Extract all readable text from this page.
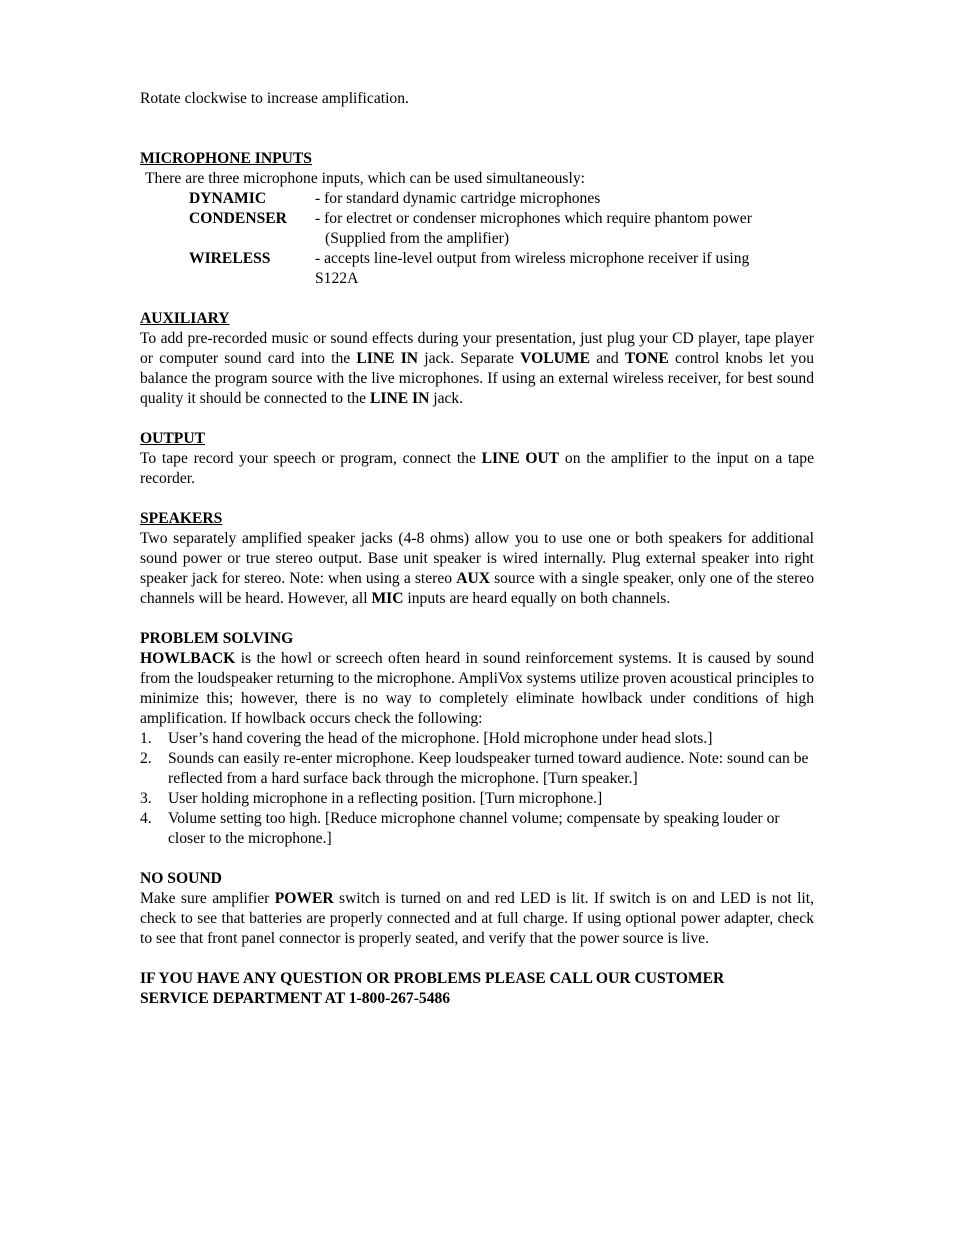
Rotate clockwise to increase amplification.

MICROPHONE INPUTS

There are three microphone inputs, which can be used simultaneously:

DYNAMIC	- for standard dynamic cartridge microphones
CONDENSER	- for electret or condenser microphones which require phantom power
(Supplied from the amplifier)
WIRELESS	- accepts line-level output from wireless microphone receiver if using
S122A

AUXILIARY

To add pre-recorded music or sound effects during your presentation, just plug your CD player, tape player or computer sound card into the LINE IN jack. Separate VOLUME and TONE control knobs let you balance the program source with the live microphones. If using an external wireless receiver, for best sound quality it should be connected to the LINE IN jack.

OUTPUT

To tape record your speech or program, connect the LINE OUT on the amplifier to the input on a tape recorder.

SPEAKERS

Two separately amplified speaker jacks (4-8 ohms) allow you to use one or both speakers for additional sound power or true stereo output. Base unit speaker is wired internally. Plug external speaker into right speaker jack for stereo. Note: when using a stereo AUX source with a single speaker, only one of the stereo channels will be heard. However, all MIC inputs are heard equally on both channels.

PROBLEM SOLVING

HOWLBACK is the howl or screech often heard in sound reinforcement systems. It is caused by sound from the loudspeaker returning to the microphone. AmpliVox systems utilize proven acoustical principles to minimize this; however, there is no way to completely eliminate howlback under conditions of high amplification. If howlback occurs check the following:

1.	User’s hand covering the head of the microphone. [Hold microphone under head slots.]
2.	Sounds can easily re-enter microphone. Keep loudspeaker turned toward audience. Note: sound can be reflected from a hard surface back through the microphone. [Turn speaker.]
3.	User holding microphone in a reflecting position. [Turn microphone.]
4.	Volume setting too high. [Reduce microphone channel volume; compensate by speaking louder or closer to the microphone.]

NO SOUND

Make sure amplifier POWER switch is turned on and red LED is lit. If switch is on and LED is not lit, check to see that batteries are properly connected and at full charge. If using optional power adapter, check to see that front panel connector is properly seated, and verify that the power source is live.

IF YOU HAVE ANY QUESTION OR PROBLEMS PLEASE CALL OUR CUSTOMER

SERVICE DEPARTMENT AT 1-800-267-5486
